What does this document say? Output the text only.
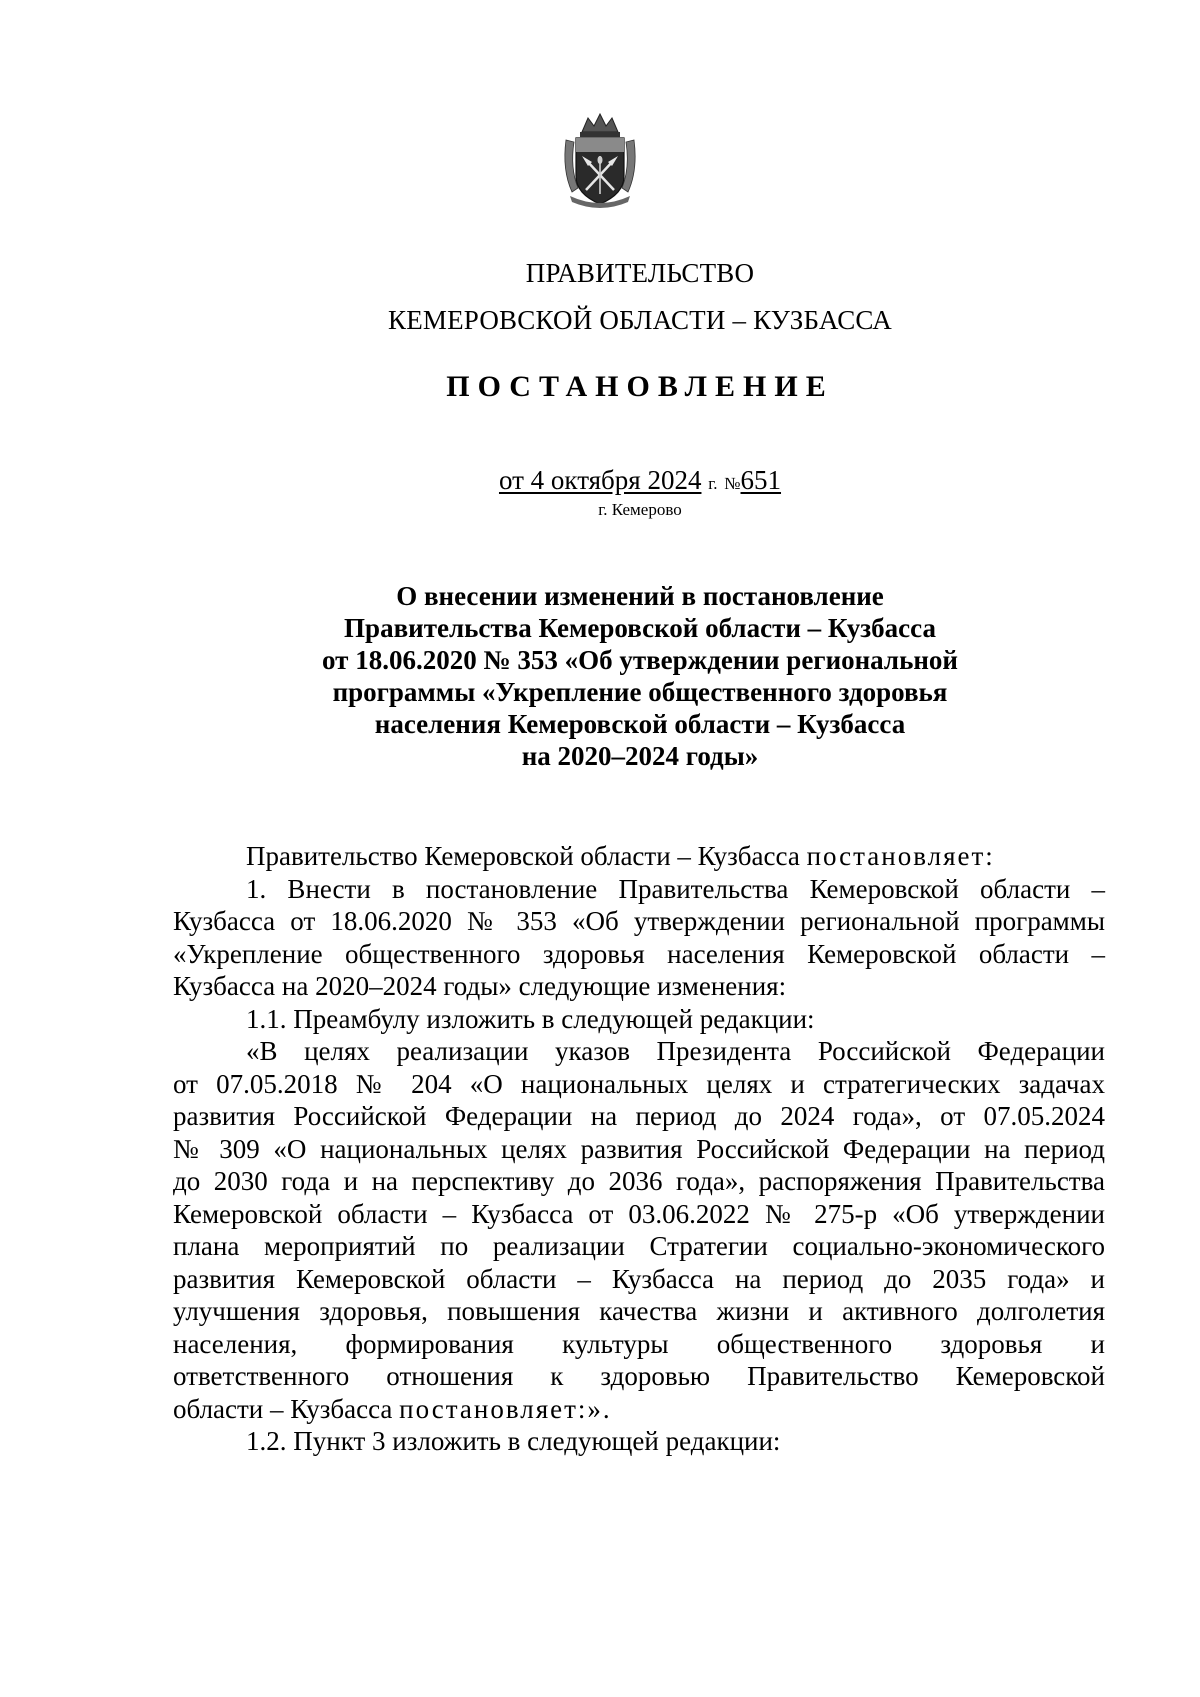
ПРАВИТЕЛЬСТВО
КЕМЕРОВСКОЙ ОБЛАСТИ – КУЗБАССА
ПОСТАНОВЛЕНИЕ
от 4 октября 2024 г. №651
г. Кемерово
О внесении изменений в постановление
Правительства Кемеровской области – Кузбасса
от 18.06.2020 № 353 «Об утверждении региональной
программы «Укрепление общественного здоровья
населения Кемеровской области – Кузбасса
на 2020–2024 годы»
Правительство Кемеровской области – Кузбасса постановляет:
1. Внести в постановление Правительства Кемеровской области –
Кузбасса от 18.06.2020 № 353 «Об утверждении региональной программы
«Укрепление общественного здоровья населения Кемеровской области –
Кузбасса на 2020–2024 годы» следующие изменения:
1.1. Преамбулу изложить в следующей редакции:
«В целях реализации указов Президента Российской Федерации
от 07.05.2018 № 204 «О национальных целях и стратегических задачах
развития Российской Федерации на период до 2024 года», от 07.05.2024
№ 309 «О национальных целях развития Российской Федерации на период
до 2030 года и на перспективу до 2036 года», распоряжения Правительства
Кемеровской области – Кузбасса от 03.06.2022 № 275-р «Об утверждении
плана мероприятий по реализации Стратегии социально-экономического
развития Кемеровской области – Кузбасса на период до 2035 года» и
улучшения здоровья, повышения качества жизни и активного долголетия
населения, формирования культуры общественного здоровья и
ответственного отношения к здоровью Правительство Кемеровской
области – Кузбасса постановляет:».
1.2. Пункт 3 изложить в следующей редакции:
